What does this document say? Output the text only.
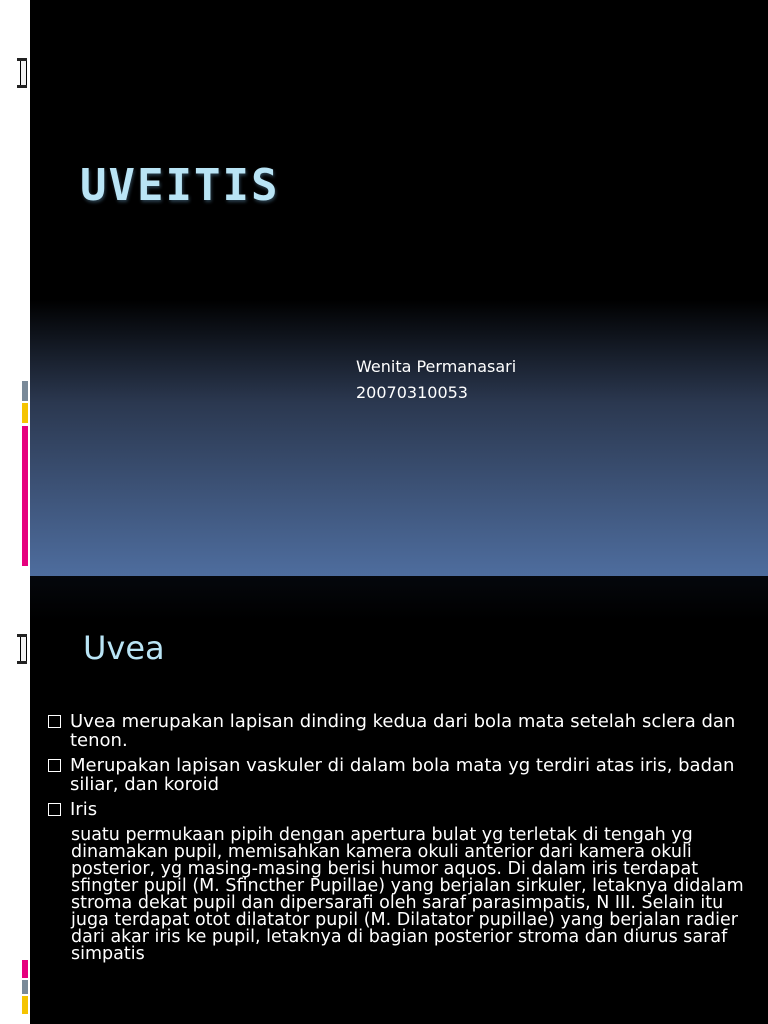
UVEITIS
Wenita Permanasari
20070310053
Uvea
Uvea merupakan lapisan dinding kedua dari bola mata setelah sclera dan tenon.
Merupakan lapisan vaskuler di dalam bola mata yg terdiri atas iris, badan siliar, dan koroid
Iris
suatu permukaan pipih dengan apertura bulat yg terletak di tengah yg dinamakan pupil, memisahkan kamera okuli anterior dari kamera okuli posterior, yg masing-masing berisi humor aquos. Di dalam iris terdapat sfingter pupil (M. Sfincther Pupillae) yang berjalan sirkuler, letaknya didalam stroma dekat pupil dan dipersarafi oleh saraf parasimpatis, N III. Selain itu juga terdapat otot dilatator pupil (M. Dilatator pupillae) yang berjalan radier dari akar iris ke pupil, letaknya di bagian posterior stroma dan diurus saraf simpatis
